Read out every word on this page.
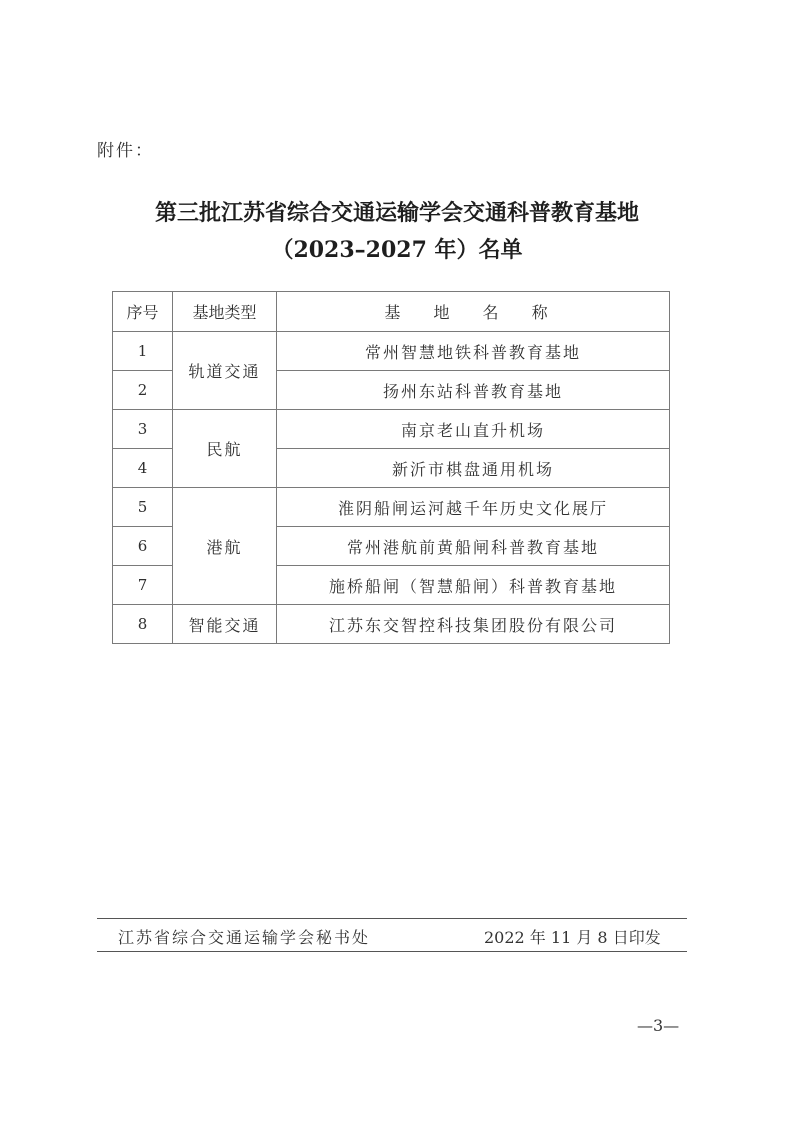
附件：
第三批江苏省综合交通运输学会交通科普教育基地
（2023–2027 年）名单
序号	基地类型	基 地 名 称
1	轨道交通	常州智慧地铁科普教育基地
2		扬州东站科普教育基地
3	民航	南京老山直升机场
4		新沂市棋盘通用机场
5	港航	淮阴船闸运河越千年历史文化展厅
6		常州港航前黄船闸科普教育基地
7		施桥船闸（智慧船闸）科普教育基地
8	智能交通	江苏东交智控科技集团股份有限公司
江苏省综合交通运输学会秘书处	2022 年 11 月 8 日印发
—3—
